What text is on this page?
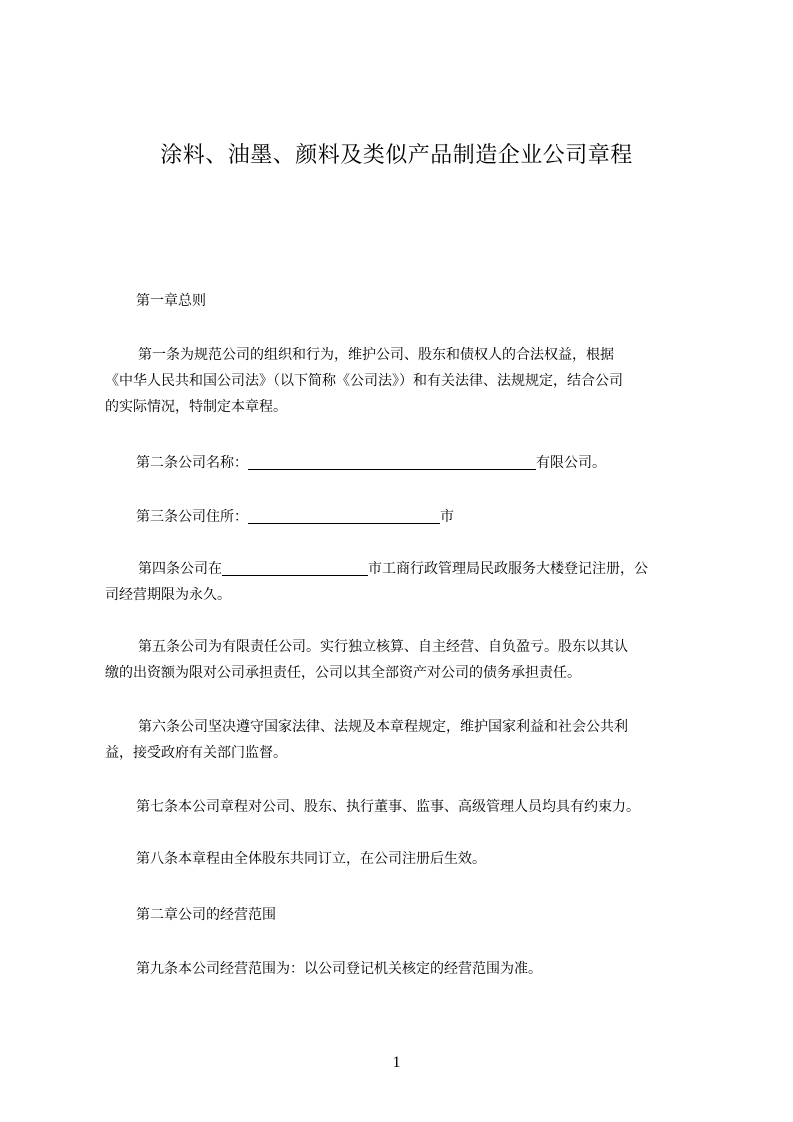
涂料、油墨、颜料及类似产品制造企业公司章程
第一章总则
第一条为规范公司的组织和行为，维护公司、股东和债权人的合法权益，根据
《中华人民共和国公司法》（以下简称《公司法》）和有关法律、法规规定，结合公司
的实际情况，特制定本章程。
第二条公司名称：	有限公司。
第三条公司住所：	市
第四条公司在	市工商行政管理局民政服务大楼登记注册，公
司经营期限为永久。
第五条公司为有限责任公司。实行独立核算、自主经营、自负盈亏。股东以其认
缴的出资额为限对公司承担责任，公司以其全部资产对公司的债务承担责任。
第六条公司坚决遵守国家法律、法规及本章程规定，维护国家利益和社会公共利
益，接受政府有关部门监督。
第七条本公司章程对公司、股东、执行董事、监事、高级管理人员均具有约束力。
第八条本章程由全体股东共同订立，在公司注册后生效。
第二章公司的经营范围
第九条本公司经营范围为：以公司登记机关核定的经营范围为准。
1
